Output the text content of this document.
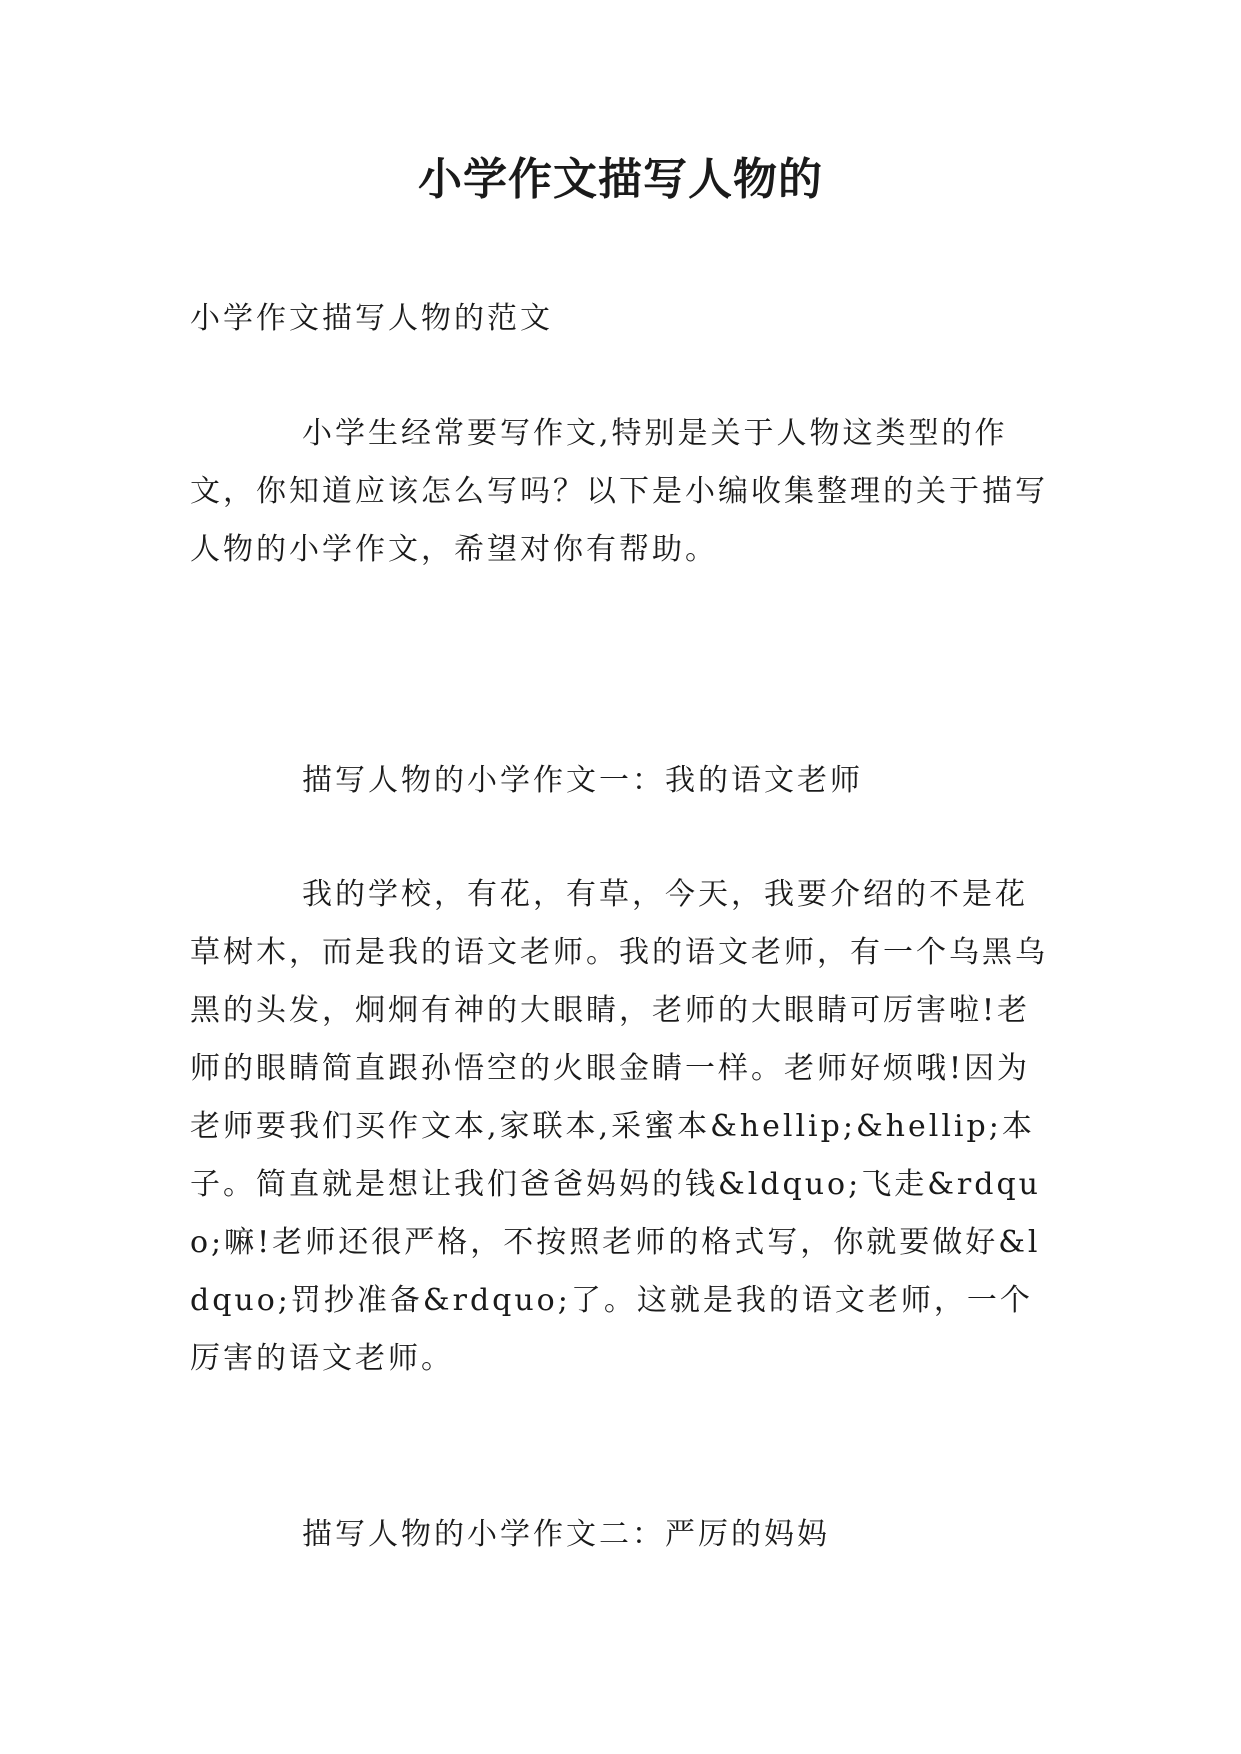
小学作文描写人物的

小学作文描写人物的范文

小学生经常要写作文,特别是关于人物这类型的作文，你知道应该怎么写吗？以下是小编收集整理的关于描写人物的小学作文，希望对你有帮助。

描写人物的小学作文一：我的语文老师

我的学校，有花，有草，今天，我要介绍的不是花草树木，而是我的语文老师。我的语文老师，有一个乌黑乌黑的头发，炯炯有神的大眼睛，老师的大眼睛可厉害啦!老师的眼睛简直跟孙悟空的火眼金睛一样。老师好烦哦!因为老师要我们买作文本,家联本,采蜜本&hellip;&hellip;本子。简直就是想让我们爸爸妈妈的钱&ldquo;飞走&rdquo;嘛!老师还很严格，不按照老师的格式写，你就要做好&ldquo;罚抄准备&rdquo;了。这就是我的语文老师，一个厉害的语文老师。

描写人物的小学作文二：严厉的妈妈
